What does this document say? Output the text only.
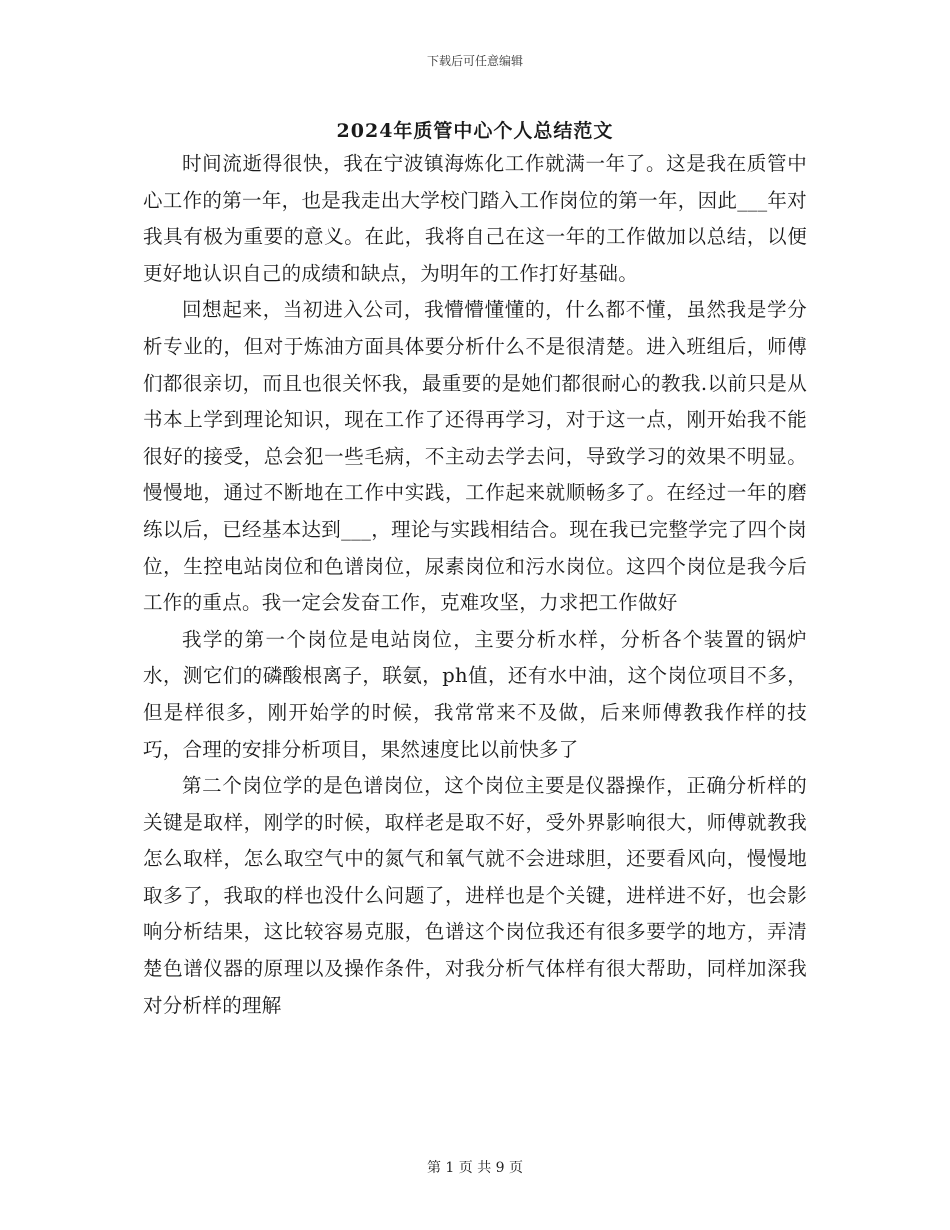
下载后可任意编辑
2024年质管中心个人总结范文

时间流逝得很快，我在宁波镇海炼化工作就满一年了。这是我在质管中心工作的第一年，也是我走出大学校门踏入工作岗位的第一年，因此___年对我具有极为重要的意义。在此，我将自己在这一年的工作做加以总结，以便更好地认识自己的成绩和缺点，为明年的工作打好基础。

回想起来，当初进入公司，我懵懵懂懂的，什么都不懂，虽然我是学分析专业的，但对于炼油方面具体要分析什么不是很清楚。进入班组后，师傅们都很亲切，而且也很关怀我，最重要的是她们都很耐心的教我.以前只是从书本上学到理论知识，现在工作了还得再学习，对于这一点，刚开始我不能很好的接受，总会犯一些毛病，不主动去学去问，导致学习的效果不明显。慢慢地，通过不断地在工作中实践，工作起来就顺畅多了。在经过一年的磨练以后，已经基本达到___，理论与实践相结合。现在我已完整学完了四个岗位，生控电站岗位和色谱岗位，尿素岗位和污水岗位。这四个岗位是我今后工作的重点。我一定会发奋工作，克难攻坚，力求把工作做好

我学的第一个岗位是电站岗位，主要分析水样，分析各个装置的锅炉水，测它们的磷酸根离子，联氨，ph值，还有水中油，这个岗位项目不多，但是样很多，刚开始学的时候，我常常来不及做，后来师傅教我作样的技巧，合理的安排分析项目，果然速度比以前快多了

第二个岗位学的是色谱岗位，这个岗位主要是仪器操作，正确分析样的关键是取样，刚学的时候，取样老是取不好，受外界影响很大，师傅就教我怎么取样，怎么取空气中的氮气和氧气就不会进球胆，还要看风向，慢慢地取多了，我取的样也没什么问题了，进样也是个关键，进样进不好，也会影响分析结果，这比较容易克服，色谱这个岗位我还有很多要学的地方，弄清楚色谱仪器的原理以及操作条件，对我分析气体样有很大帮助，同样加深我对分析样的理解

第 1 页 共 9 页
